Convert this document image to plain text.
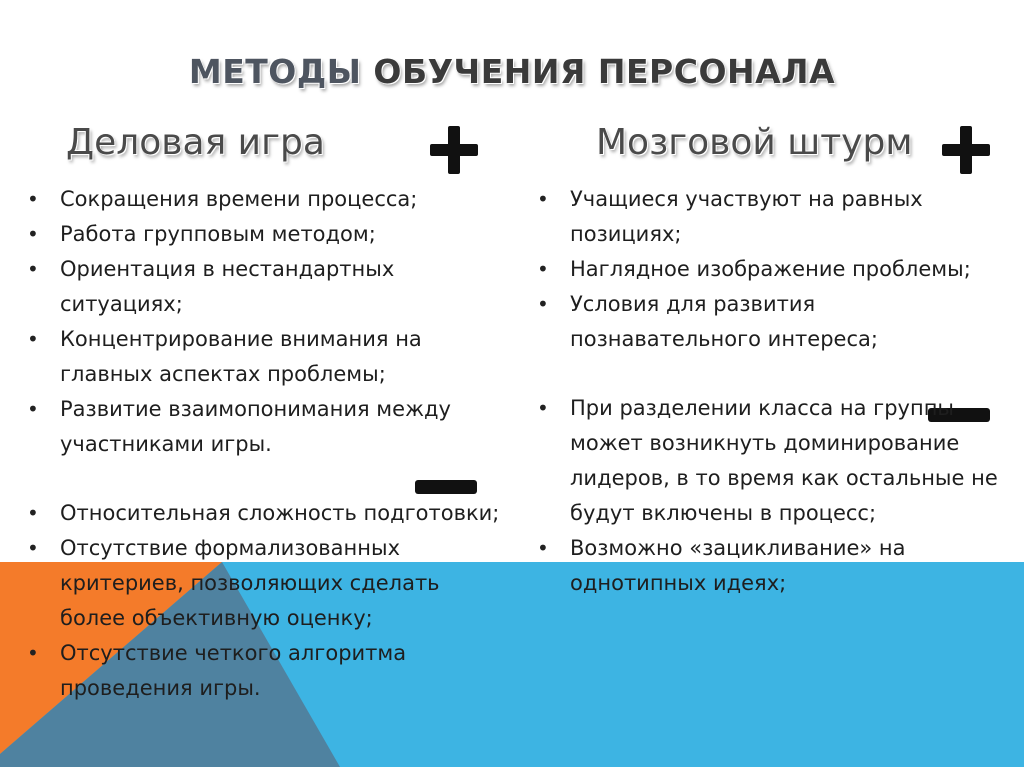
МЕТОДЫ ОБУЧЕНИЯ ПЕРСОНАЛА
Деловая игра	Мозговой штурм
• Сокращения времени процесса;
• Работа групповым методом;
• Ориентация в нестандартных ситуациях;
• Концентрирование внимания на главных аспектах проблемы;
• Развитие взаимопонимания между участниками игры.
• Относительная сложность подготовки;
• Отсутствие формализованных критериев, позволяющих сделать более объективную оценку;
• Отсутствие четкого алгоритма проведения игры.
• Учащиеся участвуют на равных позициях;
• Наглядное изображение проблемы;
• Условия для развития познавательного интереса;
• При разделении класса на группы может возникнуть доминирование лидеров, в то время как остальные не будут включены в процесс;
• Возможно «зацикливание» на однотипных идеях;
